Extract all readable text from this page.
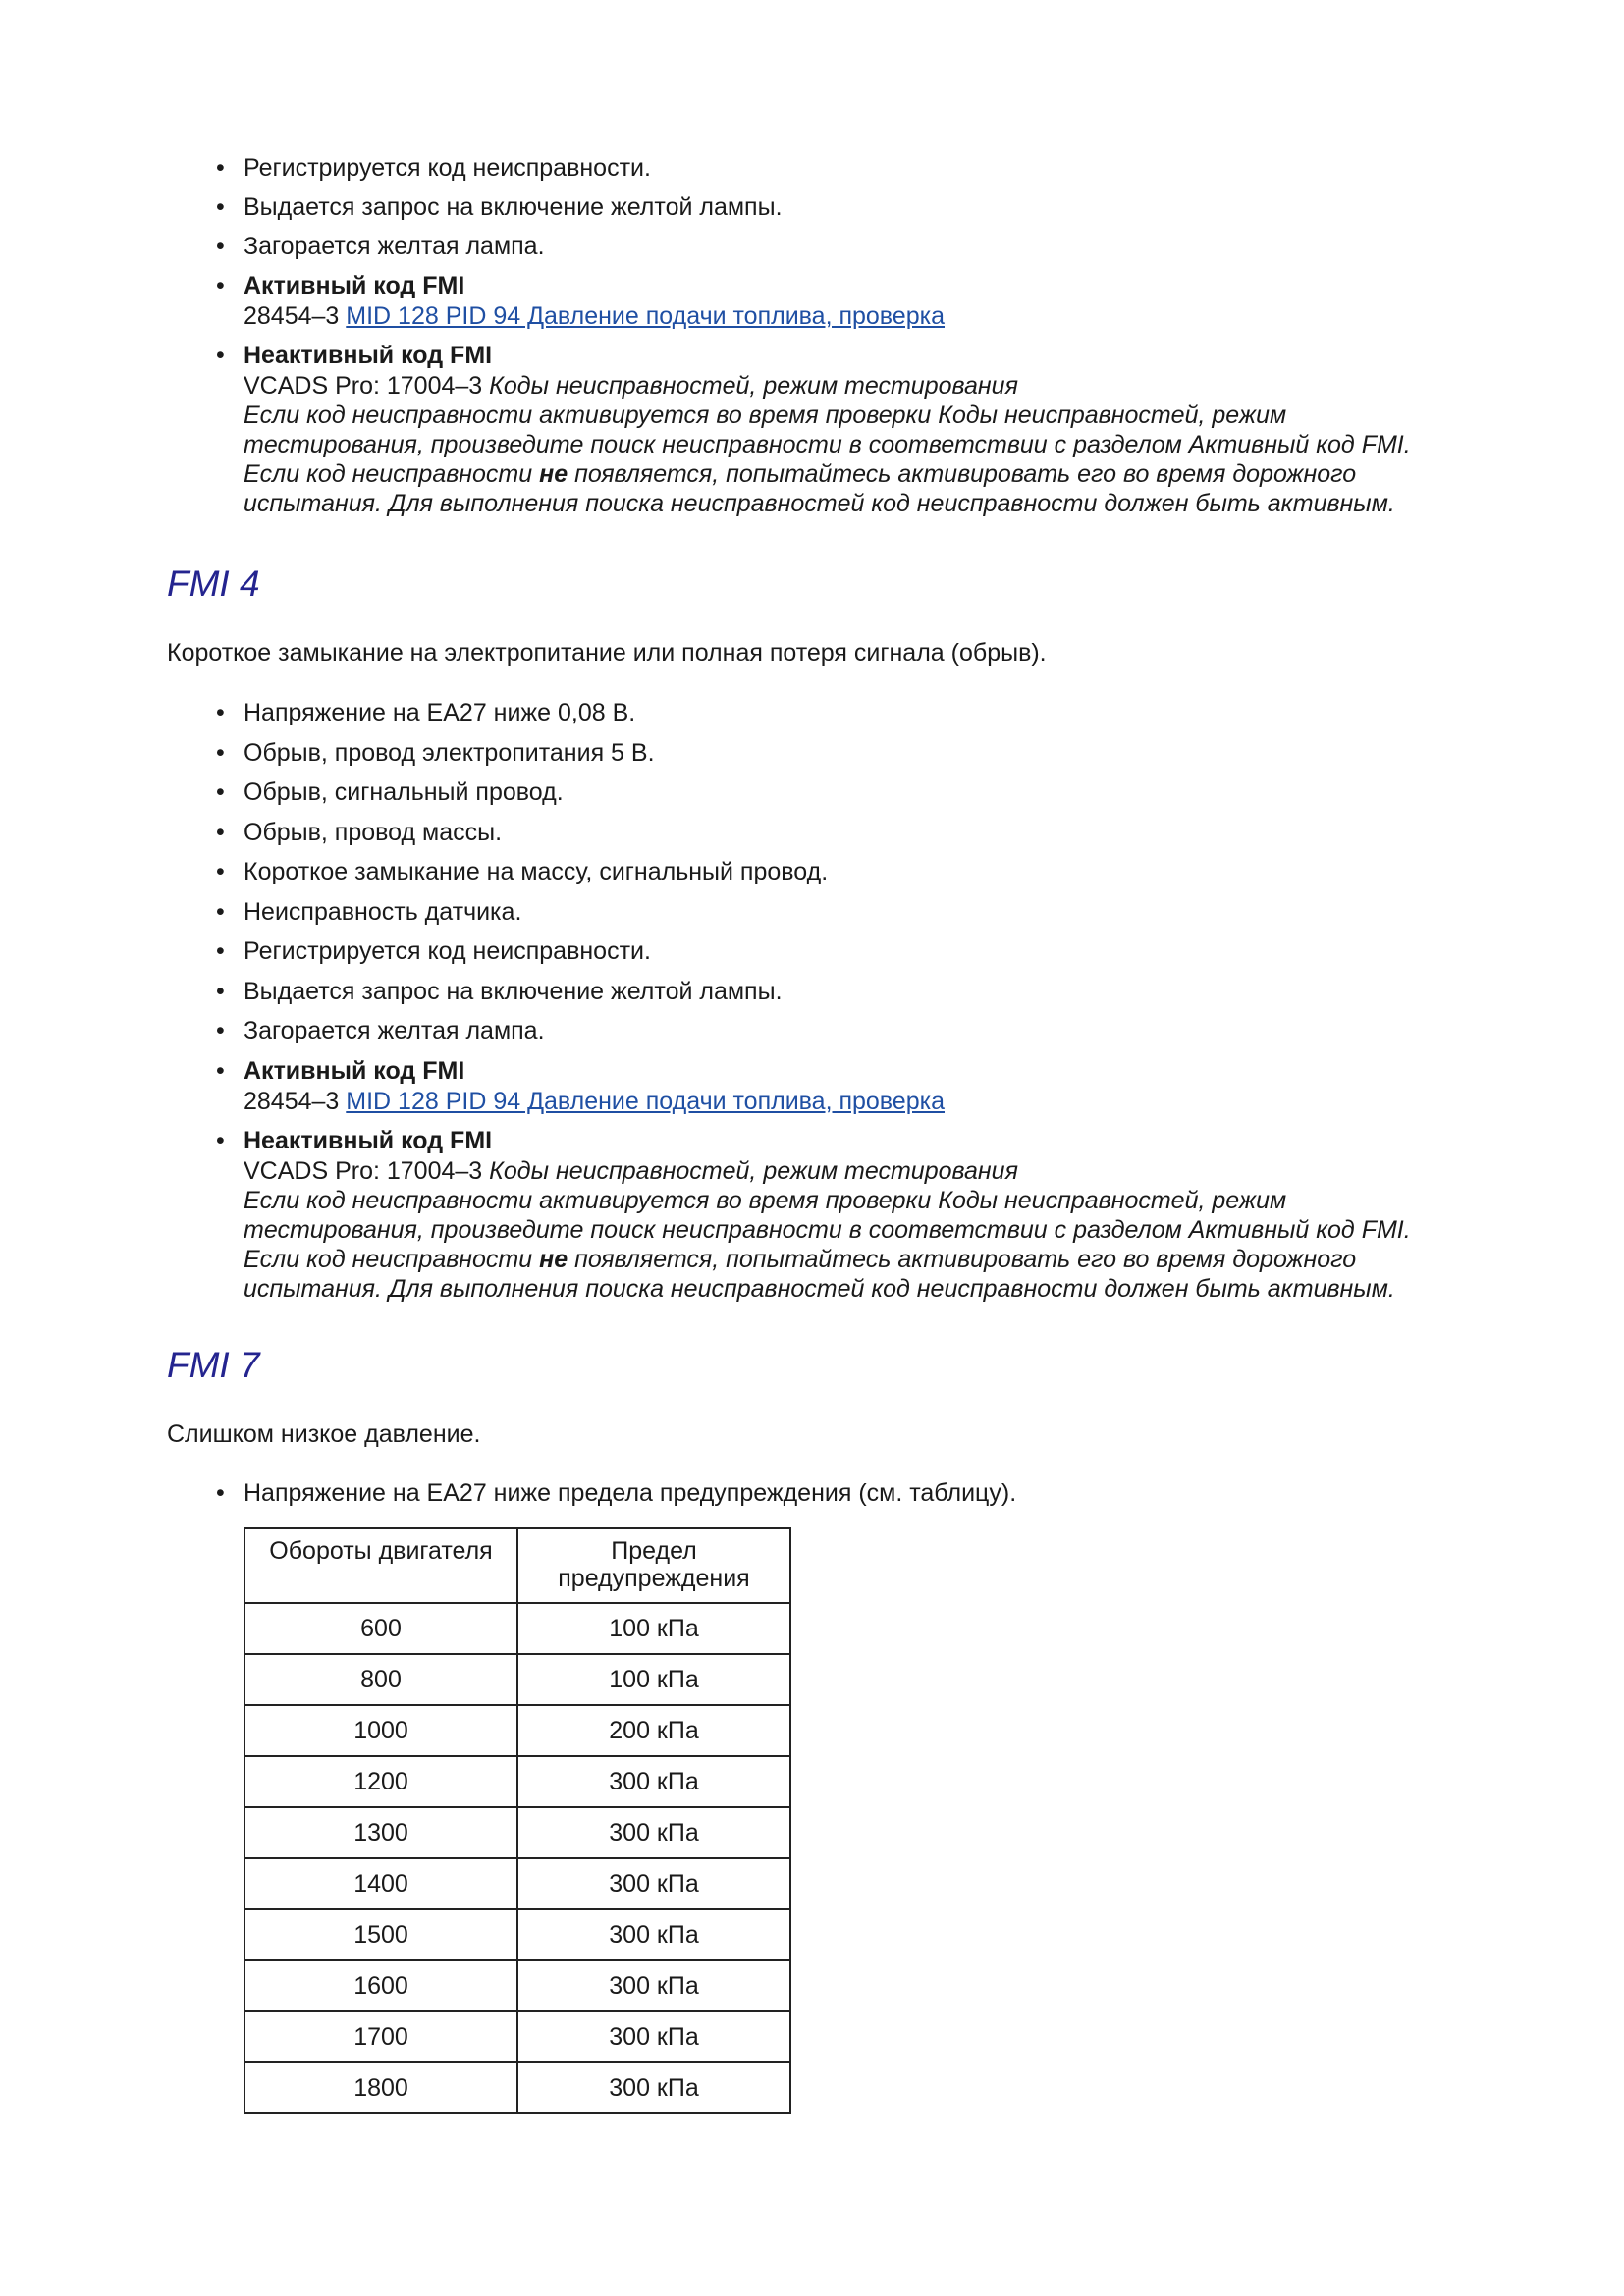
• Регистрируется код неисправности.
• Выдается запрос на включение желтой лампы.
• Загорается желтая лампа.
• Активный код FMI
28454–3 MID 128 PID 94 Давление подачи топлива, проверка
• Неактивный код FMI
VCADS Pro: 17004–3 Коды неисправностей, режим тестирования
Если код неисправности активируется во время проверки Коды неисправностей, режим
тестирования, произведите поиск неисправности в соответствии с разделом Активный код FMI.
Если код неисправности не появляется, попытайтесь активировать его во время дорожного
испытания. Для выполнения поиска неисправностей код неисправности должен быть активным.
FMI 4

Короткое замыкание на электропитание или полная потеря сигнала (обрыв).

• Напряжение на EA27 ниже 0,08 В.
• Обрыв, провод электропитания 5 В.
• Обрыв, сигнальный провод.
• Обрыв, провод массы.
• Короткое замыкание на массу, сигнальный провод.
• Неисправность датчика.
• Регистрируется код неисправности.
• Выдается запрос на включение желтой лампы.
• Загорается желтая лампа.
• Активный код FMI
28454–3 MID 128 PID 94 Давление подачи топлива, проверка
• Неактивный код FMI
VCADS Pro: 17004–3 Коды неисправностей, режим тестирования
Если код неисправности активируется во время проверки Коды неисправностей, режим
тестирования, произведите поиск неисправности в соответствии с разделом Активный код FMI.
Если код неисправности не появляется, попытайтесь активировать его во время дорожного
испытания. Для выполнения поиска неисправностей код неисправности должен быть активным.
FMI 7

Слишком низкое давление.

• Напряжение на EA27 ниже предела предупреждения (см. таблицу).
Обороты двигателя	Предел предупреждения
600	100 кПа
800	100 кПа
1000	200 кПа
1200	300 кПа
1300	300 кПа
1400	300 кПа
1500	300 кПа
1600	300 кПа
1700	300 кПа
1800	300 кПа
